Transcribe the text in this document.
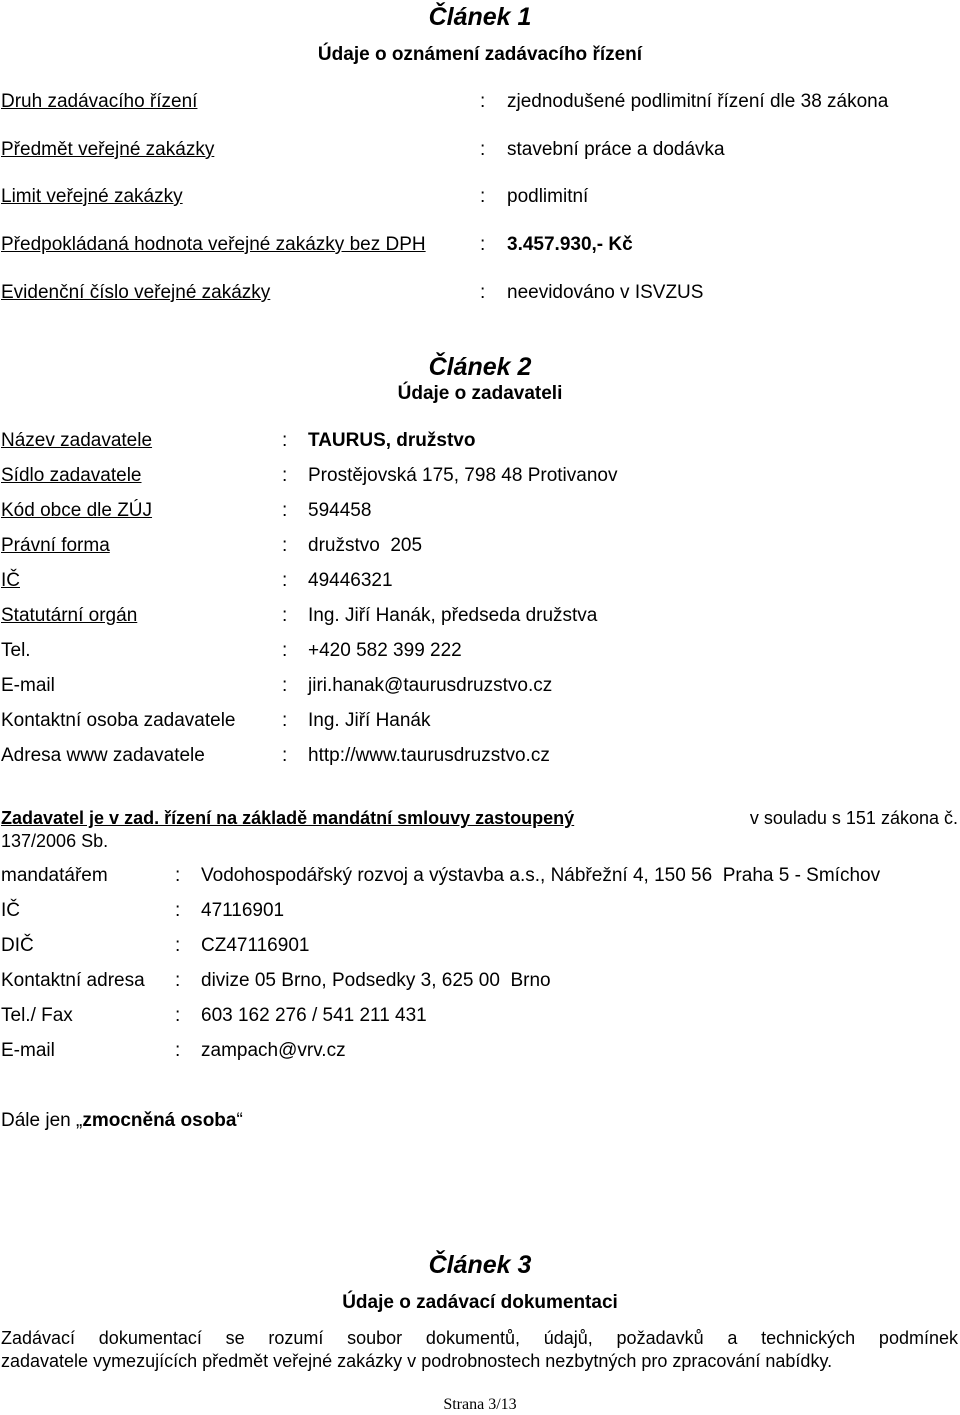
Článek 1
Údaje o oznámení zadávacího řízení
Druh zadávacího řízení	: zjednodušené podlimitní řízení dle 38 zákona
Předmět veřejné zakázky	: stavební práce a dodávka
Limit veřejné zakázky	: podlimitní
Předpokládaná hodnota veřejné zakázky bez DPH	: 3.457.930,- Kč
Evidenční číslo veřejné zakázky	: neevidováno v ISVZUS
Článek 2
Údaje o zadavateli
Název zadavatele	: TAURUS, družstvo
Sídlo zadavatele	: Prostějovská 175, 798 48 Protivanov
Kód obce dle ZÚJ	: 594458
Právní forma	: družstvo  205
IČ	: 49446321
Statutární orgán	: Ing. Jiří Hanák, předseda družstva
Tel.	: +420 582 399 222
E-mail	: jiri.hanak@taurusdruzstvo.cz
Kontaktní osoba zadavatele : Ing. Jiří Hanák
Adresa www zadavatele	: http://www.taurusdruzstvo.cz
Zadavatel je v zad. řízení na základě mandátní smlouvy zastoupený	v souladu s 151 zákona č.
137/2006 Sb.
mandatářem	: Vodohospodářský rozvoj a výstavba a.s., Nábřežní 4, 150 56  Praha 5 - Smíchov
IČ	: 47116901
DIČ	: CZ47116901
Kontaktní adresa : divize 05 Brno, Podsedky 3, 625 00  Brno
Tel./ Fax	: 603 162 276 / 541 211 431
E-mail	: zampach@vrv.cz
Dále jen „zmocněná osoba“
Článek 3
Údaje o zadávací dokumentaci
Zadávací dokumentací se rozumí soubor dokumentů, údajů, požadavků a technických podmínek
zadavatele vymezujících předmět veřejné zakázky v podrobnostech nezbytných pro zpracování nabídky.
Strana 3/13
